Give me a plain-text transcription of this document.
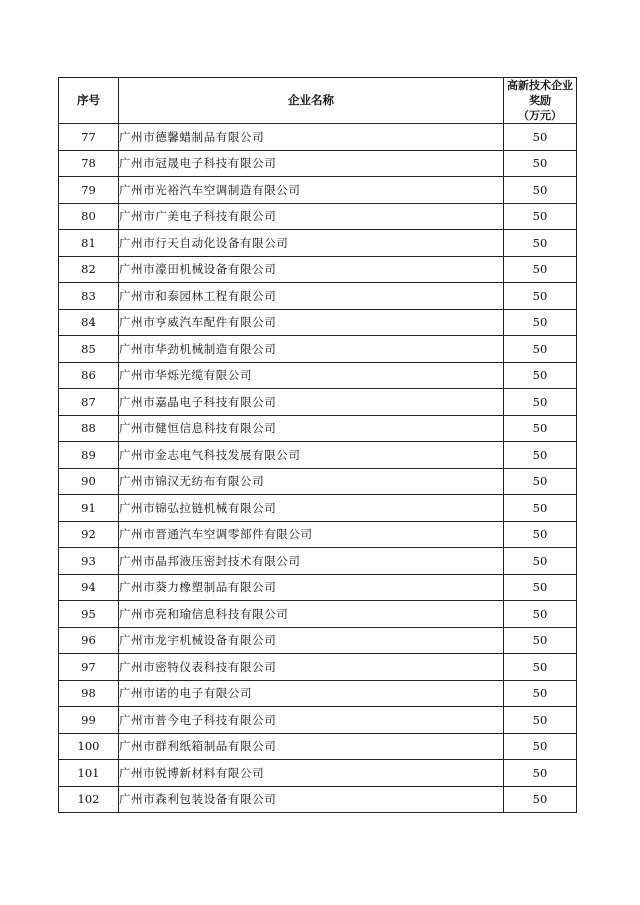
序号	企业名称	高新技术企业奖励
（万元）
77	广州市德馨蜡制品有限公司	50
78	广州市冠晟电子科技有限公司	50
79	广州市光裕汽车空调制造有限公司	50
80	广州市广美电子科技有限公司	50
81	广州市行天自动化设备有限公司	50
82	广州市濠田机械设备有限公司	50
83	广州市和泰园林工程有限公司	50
84	广州市亨威汽车配件有限公司	50
85	广州市华劲机械制造有限公司	50
86	广州市华烁光缆有限公司	50
87	广州市嘉晶电子科技有限公司	50
88	广州市健恒信息科技有限公司	50
89	广州市金志电气科技发展有限公司	50
90	广州市锦汉无纺布有限公司	50
91	广州市锦弘拉链机械有限公司	50
92	广州市晋通汽车空调零部件有限公司	50
93	广州市晶邦液压密封技术有限公司	50
94	广州市葵力橡塑制品有限公司	50
95	广州市亮和瑜信息科技有限公司	50
96	广州市龙宇机械设备有限公司	50
97	广州市密特仪表科技有限公司	50
98	广州市诺的电子有限公司	50
99	广州市普今电子科技有限公司	50
100	广州市群利纸箱制品有限公司	50
101	广州市锐博新材料有限公司	50
102	广州市森利包装设备有限公司	50
